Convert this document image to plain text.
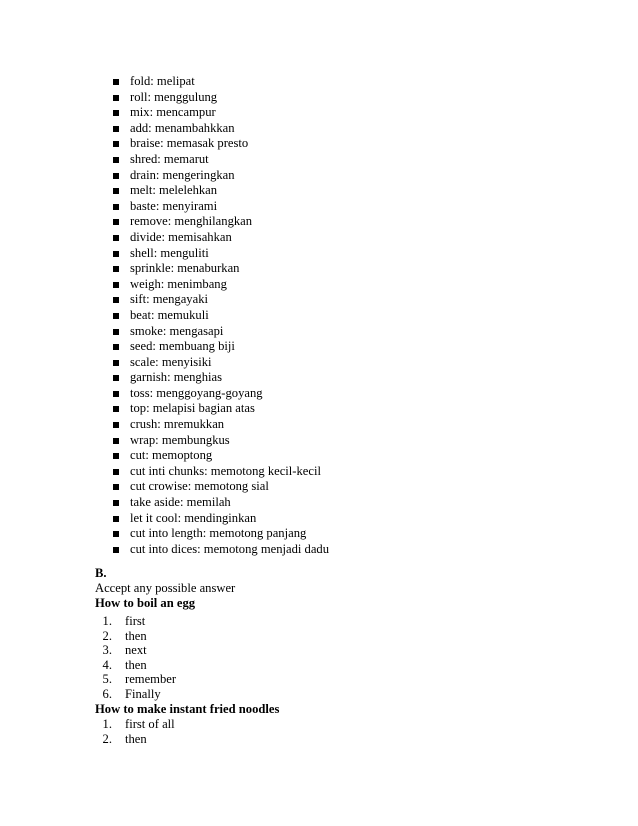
fold: melipat
roll: menggulung
mix: mencampur
add: menambahkkan
braise: memasak presto
shred: memarut
drain: mengeringkan
melt: melelehkan
baste: menyirami
remove: menghilangkan
divide: memisahkan
shell: menguliti
sprinkle: menaburkan
weigh: menimbang
sift: mengayaki
beat: memukuli
smoke: mengasapi
seed: membuang biji
scale: menyisiki
garnish: menghias
toss: menggoyang-goyang
top: melapisi bagian atas
crush: mremukkan
wrap: membungkus
cut: memoptong
cut inti chunks: memotong kecil-kecil
cut crowise: memotong sial
take aside: memilah
let it cool: mendinginkan
cut into length: memotong panjang
cut into dices: memotong menjadi dadu
B.
Accept any possible answer
How to boil an egg
1. first
2. then
3. next
4. then
5. remember
6. Finally
How to make instant fried noodles
1. first of all
2. then
